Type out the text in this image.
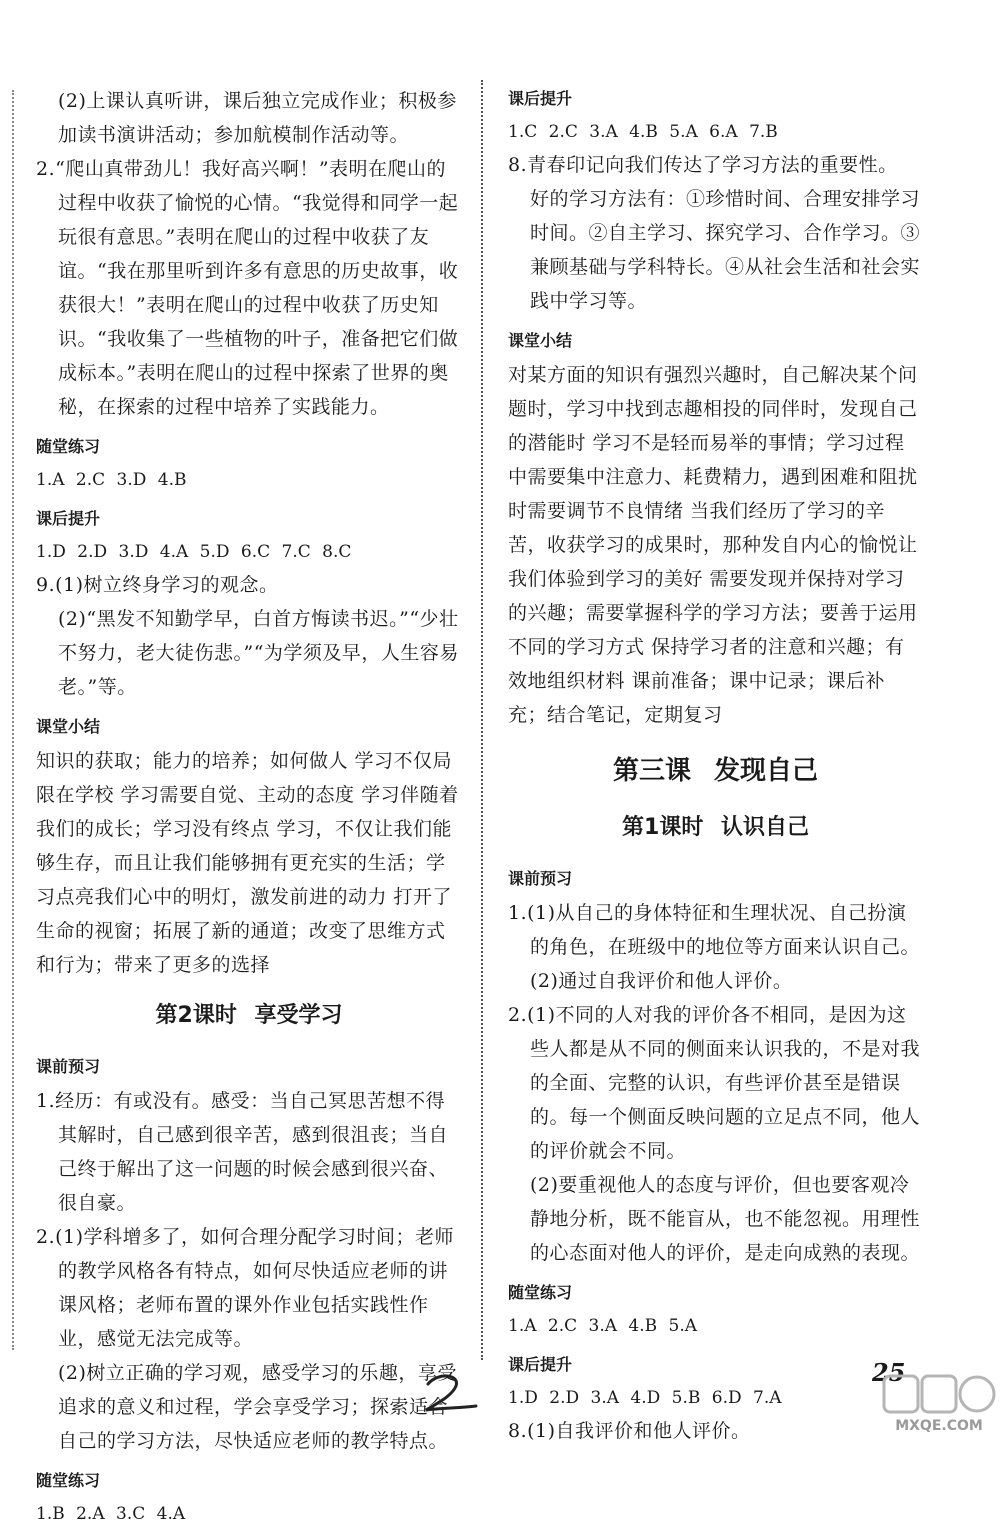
(2)上课认真听讲，课后独立完成作业；积极参加读书演讲活动；参加航模制作活动等。

2.“爬山真带劲儿！我好高兴啊！”表明在爬山的过程中收获了愉悦的心情。“我觉得和同学一起玩很有意思。”表明在爬山的过程中收获了友谊。“我在那里听到许多有意思的历史故事，收获很大！”表明在爬山的过程中收获了历史知识。“我收集了一些植物的叶子，准备把它们做成标本。”表明在爬山的过程中探索了世界的奥秘，在探索的过程中培养了实践能力。

随堂练习

1.A 2.C 3.D 4.B

课后提升

1.D 2.D 3.D 4.A 5.D 6.C 7.C 8.C

9.(1)树立终身学习的观念。

(2)“黑发不知勤学早，白首方悔读书迟。”“少壮不努力，老大徒伤悲。”“为学须及早，人生容易老。”等。

课堂小结

知识的获取；能力的培养；如何做人 学习不仅局限在学校 学习需要自觉、主动的态度 学习伴随着我们的成长；学习没有终点 学习，不仅让我们能够生存，而且让我们能够拥有更充实的生活；学习点亮我们心中的明灯，激发前进的动力 打开了生命的视窗；拓展了新的通道；改变了思维方式和行为；带来了更多的选择

第2课时 享受学习
课前预习

1.经历：有或没有。感受：当自己冥思苦想不得其解时，自己感到很辛苦，感到很沮丧；当自己终于解出了这一问题的时候会感到很兴奋、很自豪。

2.(1)学科增多了，如何合理分配学习时间；老师的教学风格各有特点，如何尽快适应老师的讲课风格；老师布置的课外作业包括实践性作业，感觉无法完成等。

(2)树立正确的学习观，感受学习的乐趣，享受追求的意义和过程，学会享受学习；探索适合自己的学习方法，尽快适应老师的教学特点。

随堂练习

1.B 2.A 3.C 4.A

课后提升

1.C 2.C 3.A 4.B 5.A 6.A 7.B

8.青春印记向我们传达了学习方法的重要性。

好的学习方法有：①珍惜时间、合理安排学习时间。②自主学习、探究学习、合作学习。③兼顾基础与学科特长。④从社会生活和社会实践中学习等。

课堂小结

对某方面的知识有强烈兴趣时，自己解决某个问题时，学习中找到志趣相投的同伴时，发现自己的潜能时 学习不是轻而易举的事情；学习过程中需要集中注意力、耗费精力，遇到困难和阻扰时需要调节不良情绪 当我们经历了学习的辛苦，收获学习的成果时，那种发自内心的愉悦让我们体验到学习的美好 需要发现并保持对学习的兴趣；需要掌握科学的学习方法；要善于运用不同的学习方式 保持学习者的注意和兴趣；有效地组织材料 课前准备；课中记录；课后补充；结合笔记，定期复习

第三课 发现自己
第1课时 认识自己
课前预习

1.(1)从自己的身体特征和生理状况、自己扮演的角色，在班级中的地位等方面来认识自己。

(2)通过自我评价和他人评价。

2.(1)不同的人对我的评价各不相同，是因为这些人都是从不同的侧面来认识我的，不是对我的全面、完整的认识，有些评价甚至是错误的。每一个侧面反映问题的立足点不同，他人的评价就会不同。

(2)要重视他人的态度与评价，但也要客观冷静地分析，既不能盲从，也不能忽视。用理性的心态面对他人的评价，是走向成熟的表现。

随堂练习

1.A 2.C 3.A 4.B 5.A

课后提升

1.D 2.D 3.A 4.D 5.B 6.D 7.A

8.(1)自我评价和他人评价。

25
MXQE.COM
